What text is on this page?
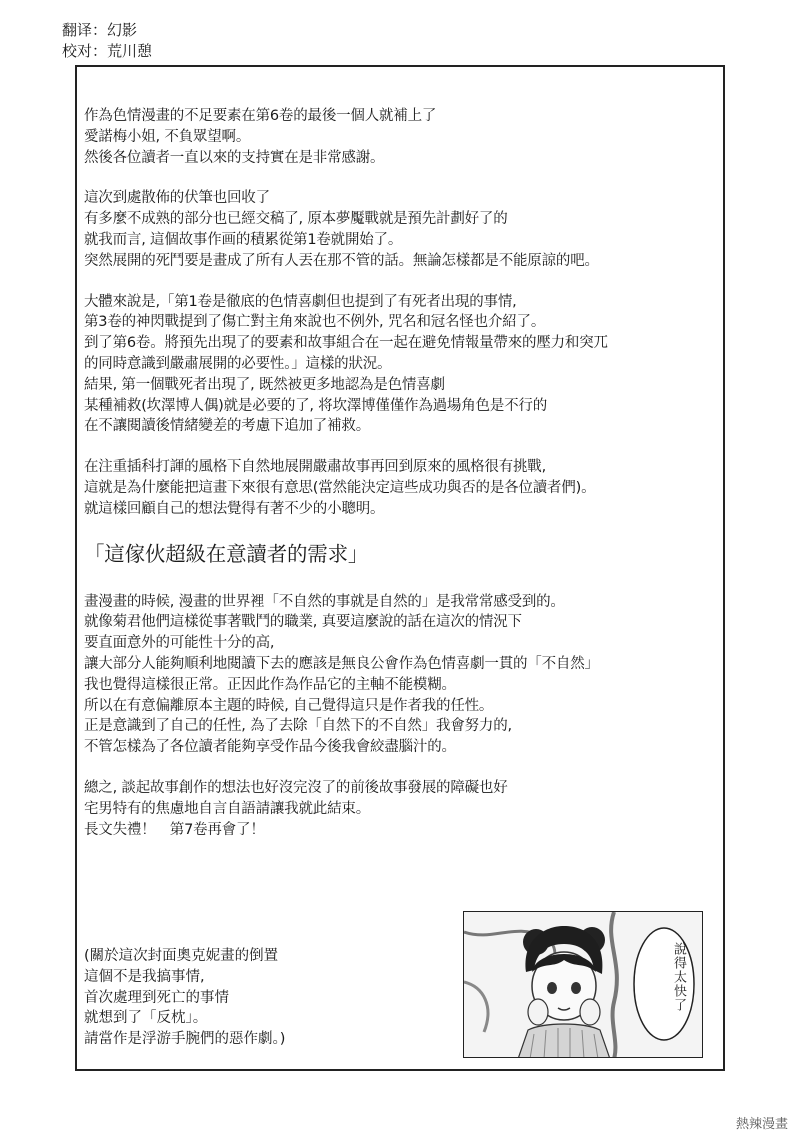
翻译：幻影
校对：荒川憩
作為色情漫畫的不足要素在第6卷的最後一個人就補上了
愛諾梅小姐, 不負眾望啊。
然後各位讀者一直以來的支持實在是非常感謝。
這次到處散佈的伏筆也回收了
有多麼不成熟的部分也已經交稿了, 原本夢魘戰就是預先計劃好了的
就我而言, 這個故事作画的積累從第1卷就開始了。
突然展開的死鬥要是畫成了所有人丟在那不管的話。無論怎樣都是不能原諒的吧。
大體來說是,「第1卷是徹底的色情喜劇但也提到了有死者出現的事情,
第3卷的神閃戰提到了傷亡對主角來說也不例外, 咒名和冠名怪也介紹了。
到了第6卷。將預先出現了的要素和故事組合在一起在避免情報量帶來的壓力和突兀
的同時意識到嚴肅展開的必要性。」這樣的狀況。
結果, 第一個戰死者出現了, 既然被更多地認為是色情喜劇
某種補救(坎澤博人偶)就是必要的了, 将坎澤博僅僅作為過場角色是不行的
在不讓閱讀後情緒變差的考慮下追加了補救。
在注重插科打諢的風格下自然地展開嚴肅故事再回到原來的風格很有挑戰,
這就是為什麼能把這畫下來很有意思(當然能決定這些成功與否的是各位讀者們)。
就這樣回顧自己的想法覺得有著不少的小聰明。
「這傢伙超級在意讀者的需求」
畫漫畫的時候, 漫畫的世界裡「不自然的事就是自然的」是我常常感受到的。
就像菊君他們這樣從事著戰鬥的職業, 真要這麼說的話在這次的情況下
要直面意外的可能性十分的高,
讓大部分人能夠順利地閱讀下去的應該是無良公會作為色情喜劇一貫的「不自然」
我也覺得這樣很正常。正因此作為作品它的主軸不能模糊。
所以在有意偏離原本主題的時候, 自己覺得這只是作者我的任性。
正是意識到了自己的任性, 為了去除「自然下的不自然」我會努力的,
不管怎樣為了各位讀者能夠享受作品今後我會絞盡腦汁的。
總之, 談起故事創作的想法也好沒完沒了的前後故事發展的障礙也好
宅男特有的焦慮地自言自語請讓我就此結束。
長文失禮！　第7卷再會了！
(關於這次封面奧克妮畫的倒置
這個不是我搞事情,
首次處理到死亡的事情
就想到了「反枕」。
請當作是浮游手腕們的惡作劇。)
說得太快了
熱辣漫畫
